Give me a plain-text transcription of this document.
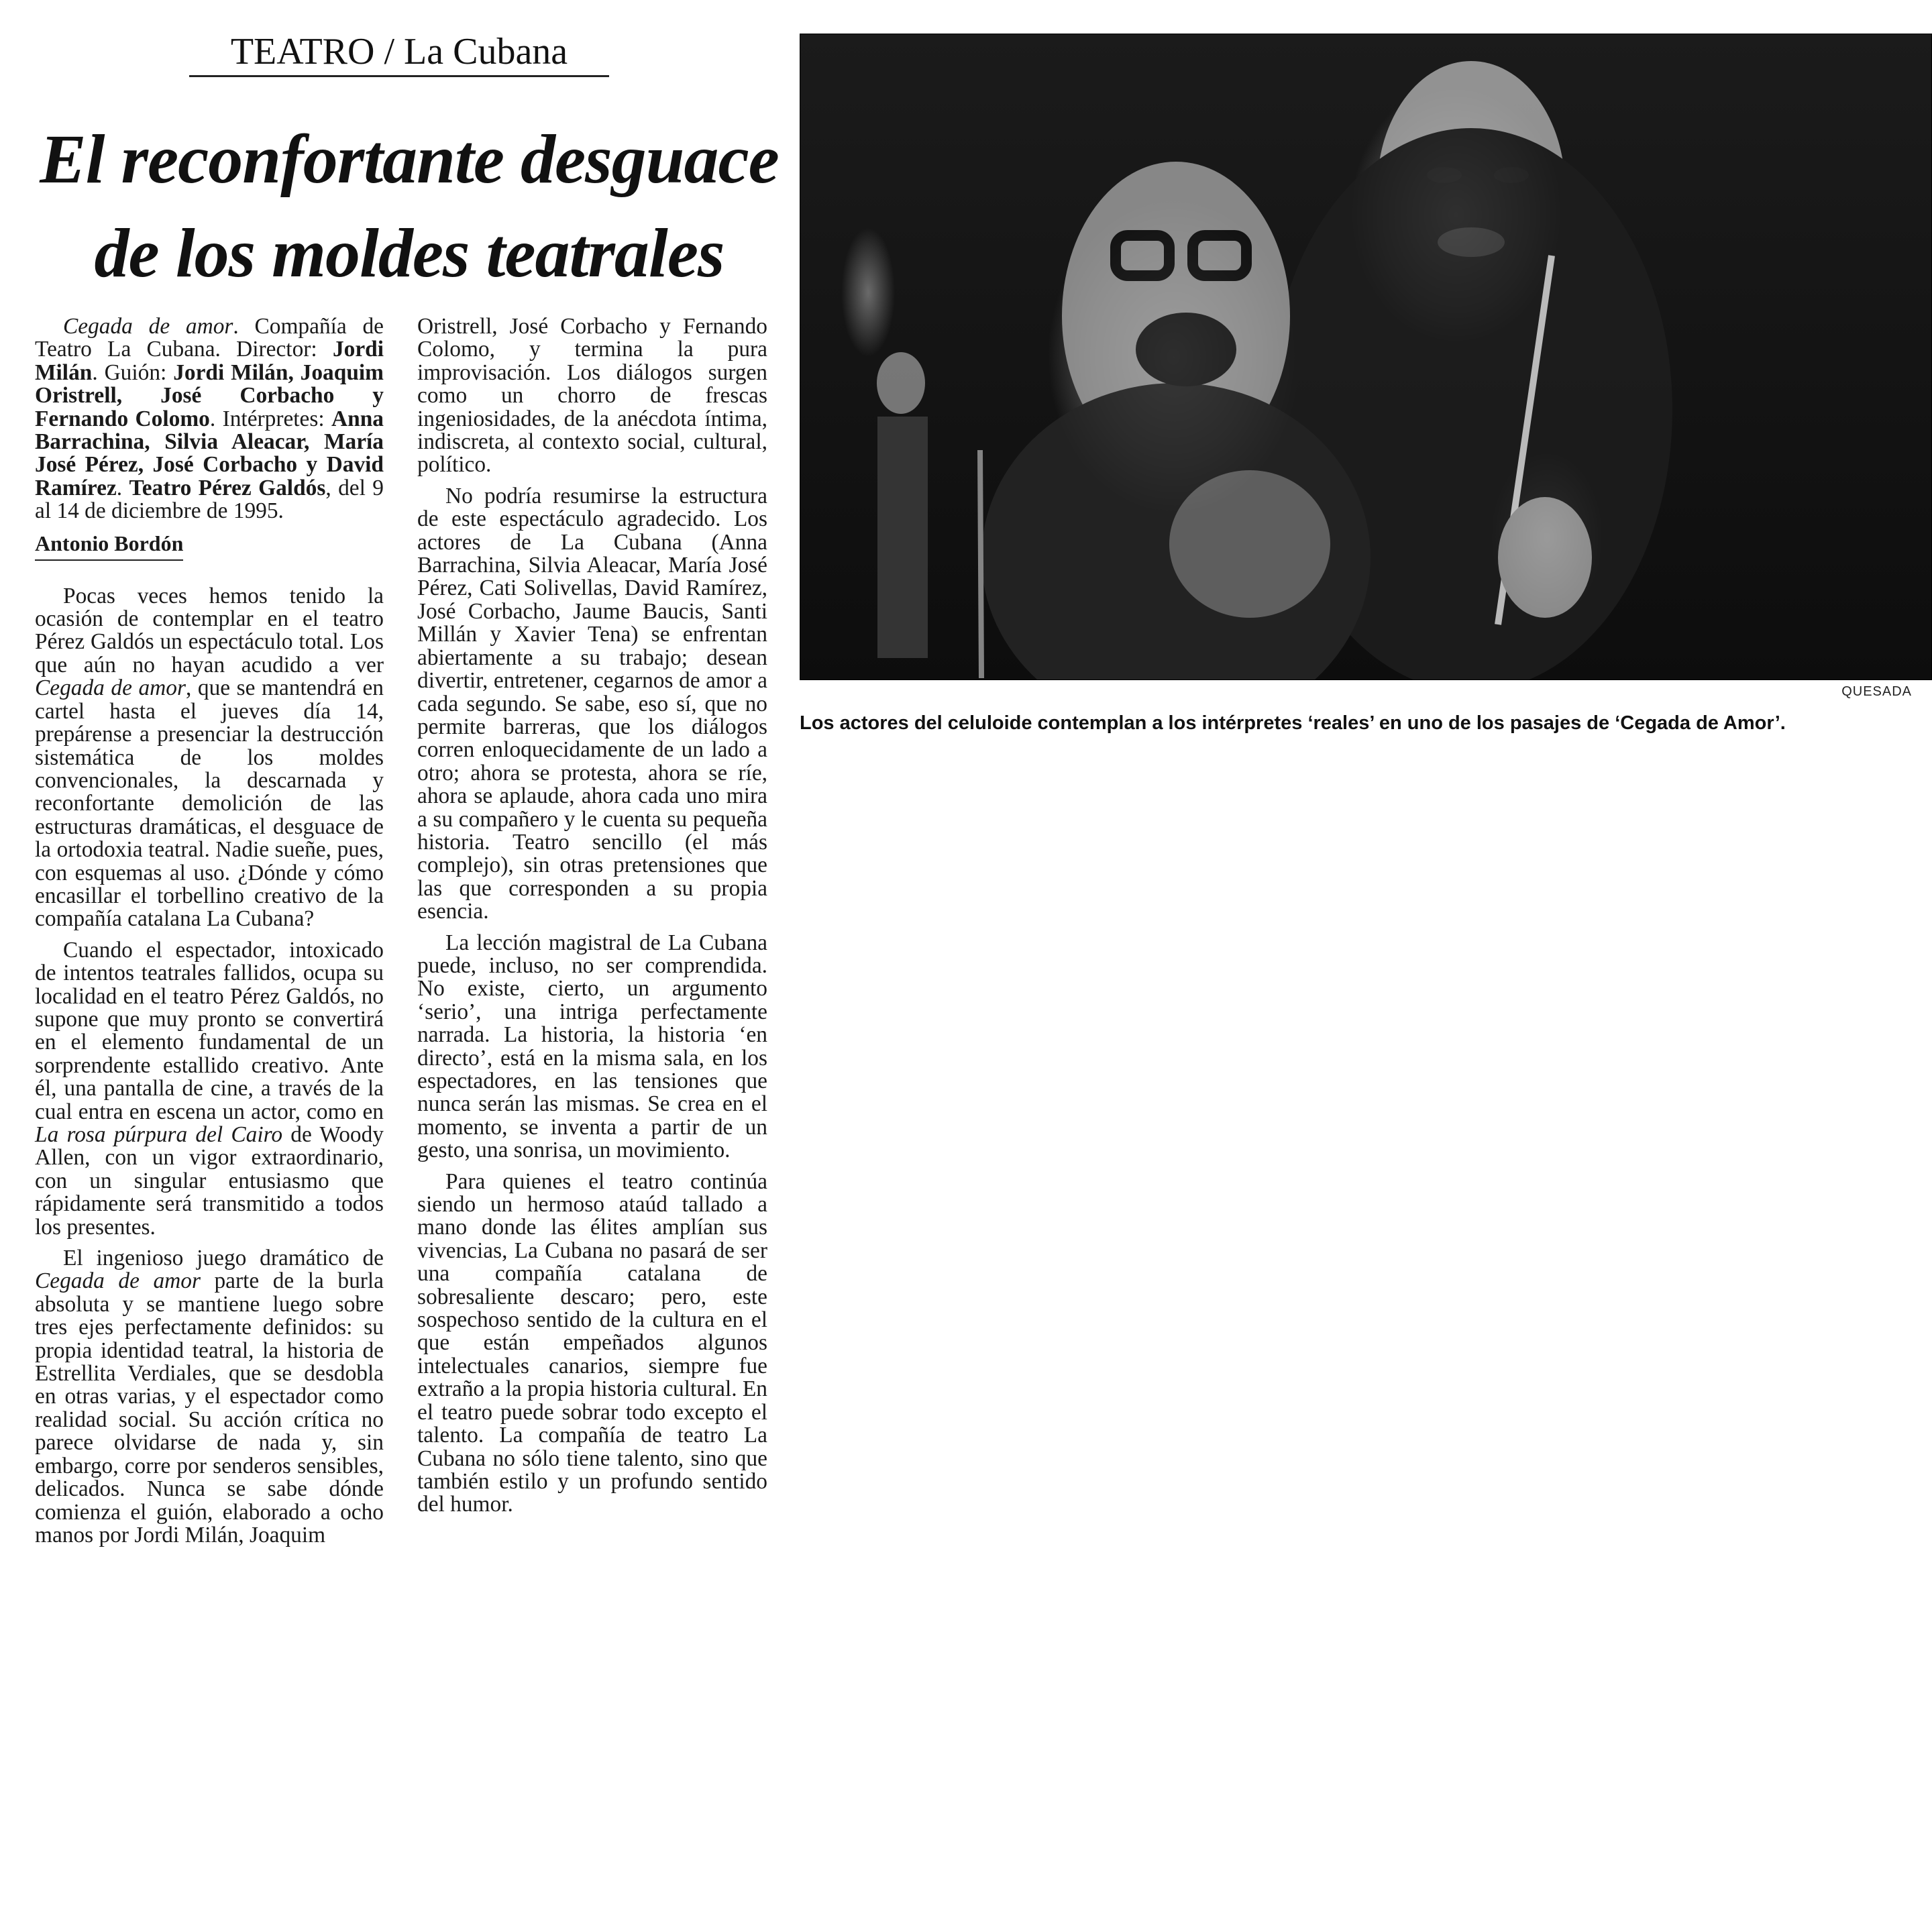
TEATRO / La Cubana
El reconfortante desguace
de los moldes teatrales

Cegada de amor. Compañía de Teatro La Cubana. Director: Jordi Milán. Guión: Jordi Milán, Joaquim Oristrell, José Corbacho y Fernando Colomo. Intérpretes: Anna Barrachina, Silvia Aleacar, María José Pérez, José Corbacho y David Ramírez. Teatro Pérez Galdós, del 9 al 14 de diciembre de 1995.

Antonio Bordón

Pocas veces hemos tenido la ocasión de contemplar en el teatro Pérez Galdós un espectáculo total. Los que aún no hayan acudido a ver Cegada de amor, que se mantendrá en cartel hasta el jueves día 14, prepárense a presenciar la destrucción sistemática de los moldes convencionales, la descarnada y reconfortante demolición de las estructuras dramáticas, el desguace de la ortodoxia teatral. Nadie sueñe, pues, con esquemas al uso. ¿Dónde y cómo encasillar el torbellino creativo de la compañía catalana La Cubana?

Cuando el espectador, intoxicado de intentos teatrales fallidos, ocupa su localidad en el teatro Pérez Galdós, no supone que muy pronto se convertirá en el elemento fundamental de un sorprendente estallido creativo. Ante él, una pantalla de cine, a través de la cual entra en escena un actor, como en La rosa púrpura del Cairo de Woody Allen, con un vigor extraordinario, con un singular entusiasmo que rápidamente será transmitido a todos los presentes.

El ingenioso juego dramático de Cegada de amor parte de la burla absoluta y se mantiene luego sobre tres ejes perfectamente definidos: su propia identidad teatral, la historia de Estrellita Verdiales, que se desdobla en otras varias, y el espectador como realidad social. Su acción crítica no parece olvidarse de nada y, sin embargo, corre por senderos sensibles, delicados. Nunca se sabe dónde comienza el guión, elaborado a ocho manos por Jordi Milán, Joaquim

Oristrell, José Corbacho y Fernando Colomo, y termina la pura improvisación. Los diálogos surgen como un chorro de frescas ingeniosidades, de la anécdota íntima, indiscreta, al contexto social, cultural, político.

No podría resumirse la estructura de este espectáculo agradecido. Los actores de La Cubana (Anna Barrachina, Silvia Aleacar, María José Pérez, Cati Solivellas, David Ramírez, José Corbacho, Jaume Baucis, Santi Millán y Xavier Tena) se enfrentan abiertamente a su trabajo; desean divertir, entretener, cegarnos de amor a cada segundo. Se sabe, eso sí, que no permite barreras, que los diálogos corren enloquecidamente de un lado a otro; ahora se protesta, ahora se ríe, ahora se aplaude, ahora cada uno mira a su compañero y le cuenta su pequeña historia. Teatro sencillo (el más complejo), sin otras pretensiones que las que corresponden a su propia esencia.

La lección magistral de La Cubana puede, incluso, no ser comprendida. No existe, cierto, un argumento ‘serio’, una intriga perfectamente narrada. La historia, la historia ‘en directo’, está en la misma sala, en los espectadores, en las tensiones que nunca serán las mismas. Se crea en el momento, se inventa a partir de un gesto, una sonrisa, un movimiento.

Para quienes el teatro continúa siendo un hermoso ataúd tallado a mano donde las élites amplían sus vivencias, La Cubana no pasará de ser una compañía catalana de sobresaliente descaro; pero, este sospechoso sentido de la cultura en el que están empeñados algunos intelectuales canarios, siempre fue extraño a la propia historia cultural. En el teatro puede sobrar todo excepto el talento. La compañía de teatro La Cubana no sólo tiene talento, sino que también estilo y un profundo sentido del humor.

QUESADA
Los actores del celuloide contemplan a los intérpretes ‘reales’ en uno de los pasajes de ‘Cegada de Amor’.
